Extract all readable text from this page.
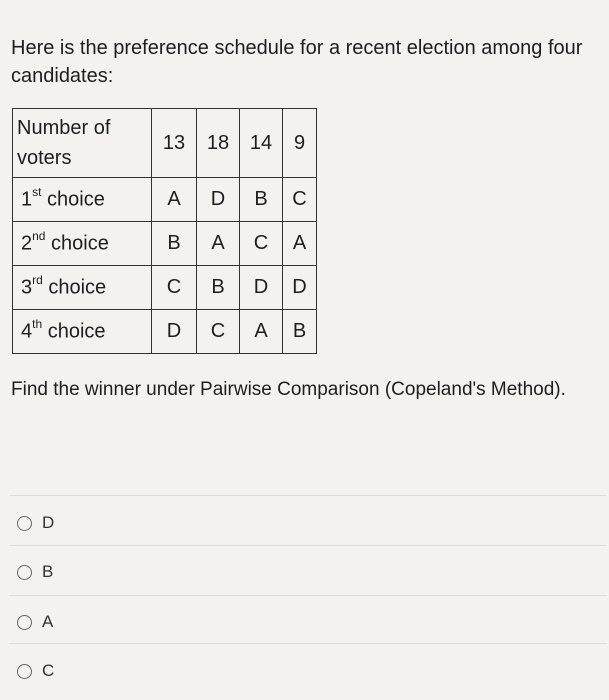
Here is the preference schedule for a recent election among four candidates:
Number of voters	13	18	14	9
1st choice	A	D	B	C
2nd choice	B	A	C	A
3rd choice	C	B	D	D
4th choice	D	C	A	B
Find the winner under Pairwise Comparison (Copeland's Method).
D
B
A
C
